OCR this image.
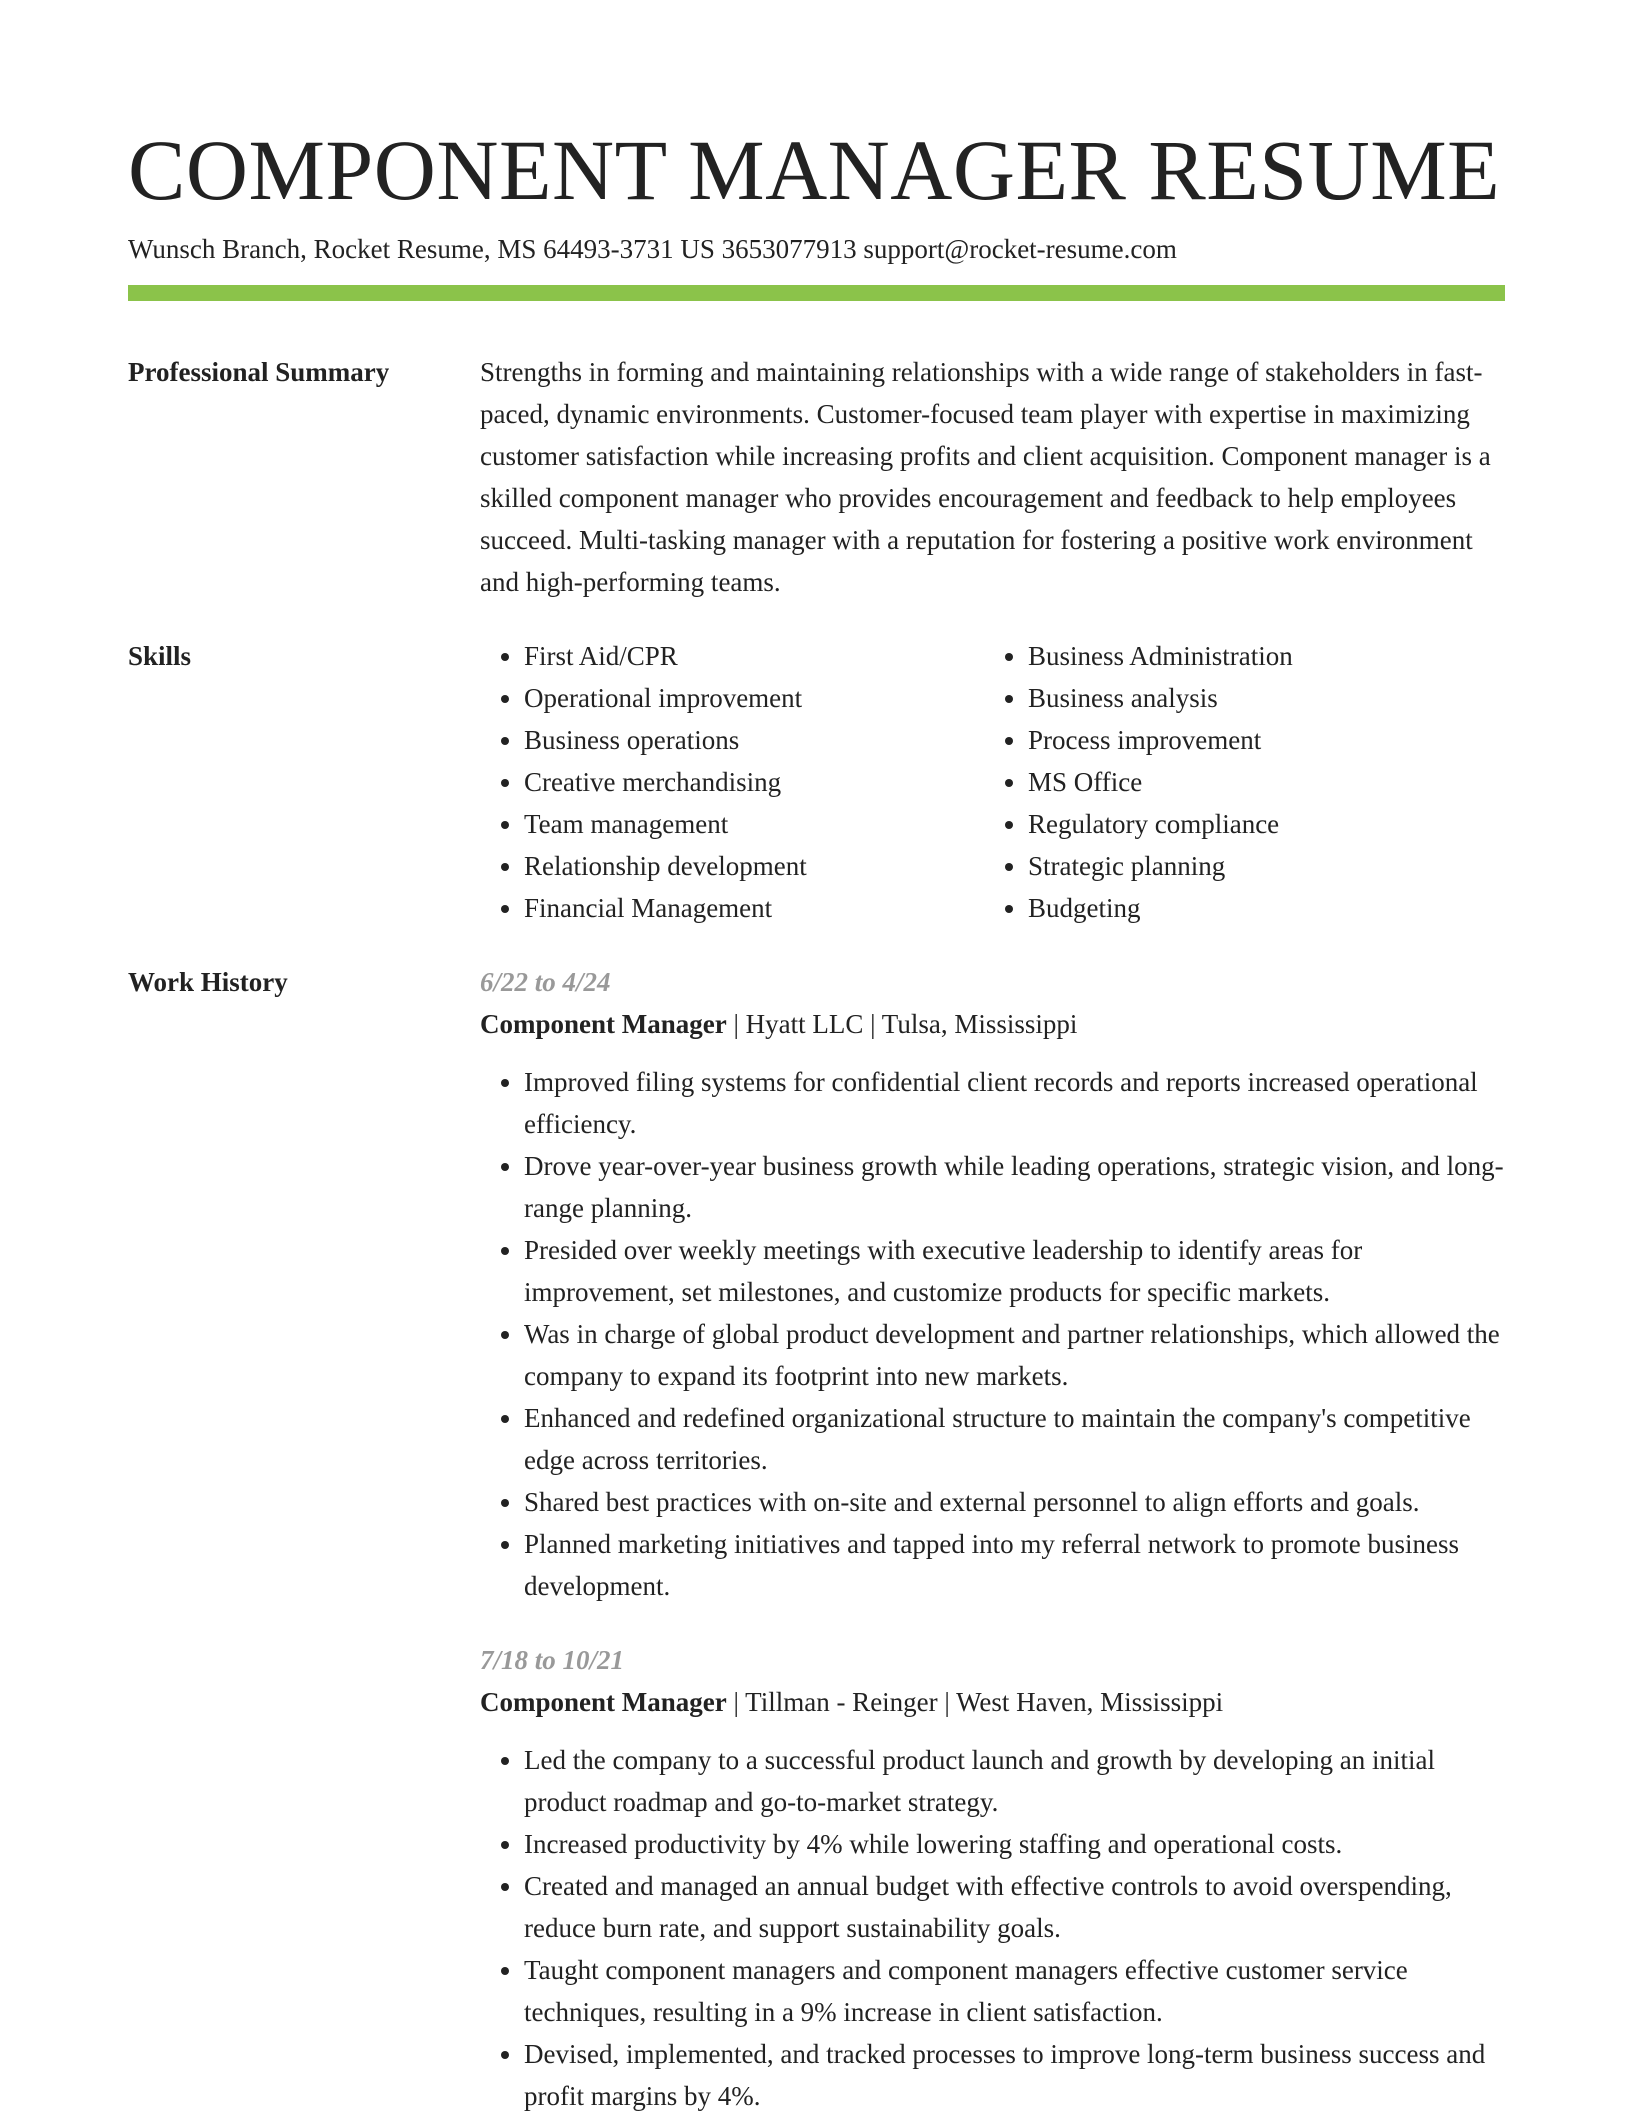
COMPONENT MANAGER RESUME
Wunsch Branch, Rocket Resume, MS 64493-3731 US 3653077913 support@rocket-resume.com
Professional Summary	Strengths in forming and maintaining relationships with a wide range of stakeholders in fast-paced, dynamic environments. Customer-focused team player with expertise in maximizing customer satisfaction while increasing profits and client acquisition. Component manager is a skilled component manager who provides encouragement and feedback to help employees succeed. Multi-tasking manager with a reputation for fostering a positive work environment and high-performing teams.

Skills
•	First Aid/CPR
• Operational improvement
• Business operations
• Creative merchandising
• Team management
• Relationship development
• Financial Management
• Business Administration
• Business analysis
• Process improvement
• MS Office
• Regulatory compliance
• Strategic planning
• Budgeting
Work History	6/22 to 4/24
Component Manager | Hyatt LLC | Tulsa, Mississippi
• Improved filing systems for confidential client records and reports increased operational efficiency.
• Drove year-over-year business growth while leading operations, strategic vision, and long-range planning.
• Presided over weekly meetings with executive leadership to identify areas for improvement, set milestones, and customize products for specific markets.
• Was in charge of global product development and partner relationships, which allowed the company to expand its footprint into new markets.
• Enhanced and redefined organizational structure to maintain the company's competitive edge across territories.
• Shared best practices with on-site and external personnel to align efforts and goals.
• Planned marketing initiatives and tapped into my referral network to promote business development.
7/18 to 10/21
Component Manager | Tillman - Reinger | West Haven, Mississippi
• Led the company to a successful product launch and growth by developing an initial product roadmap and go-to-market strategy.
• Increased productivity by 4% while lowering staffing and operational costs.
• Created and managed an annual budget with effective controls to avoid overspending, reduce burn rate, and support sustainability goals.
• Taught component managers and component managers effective customer service techniques, resulting in a 9% increase in client satisfaction.
• Devised, implemented, and tracked processes to improve long-term business success and profit margins by 4%.
